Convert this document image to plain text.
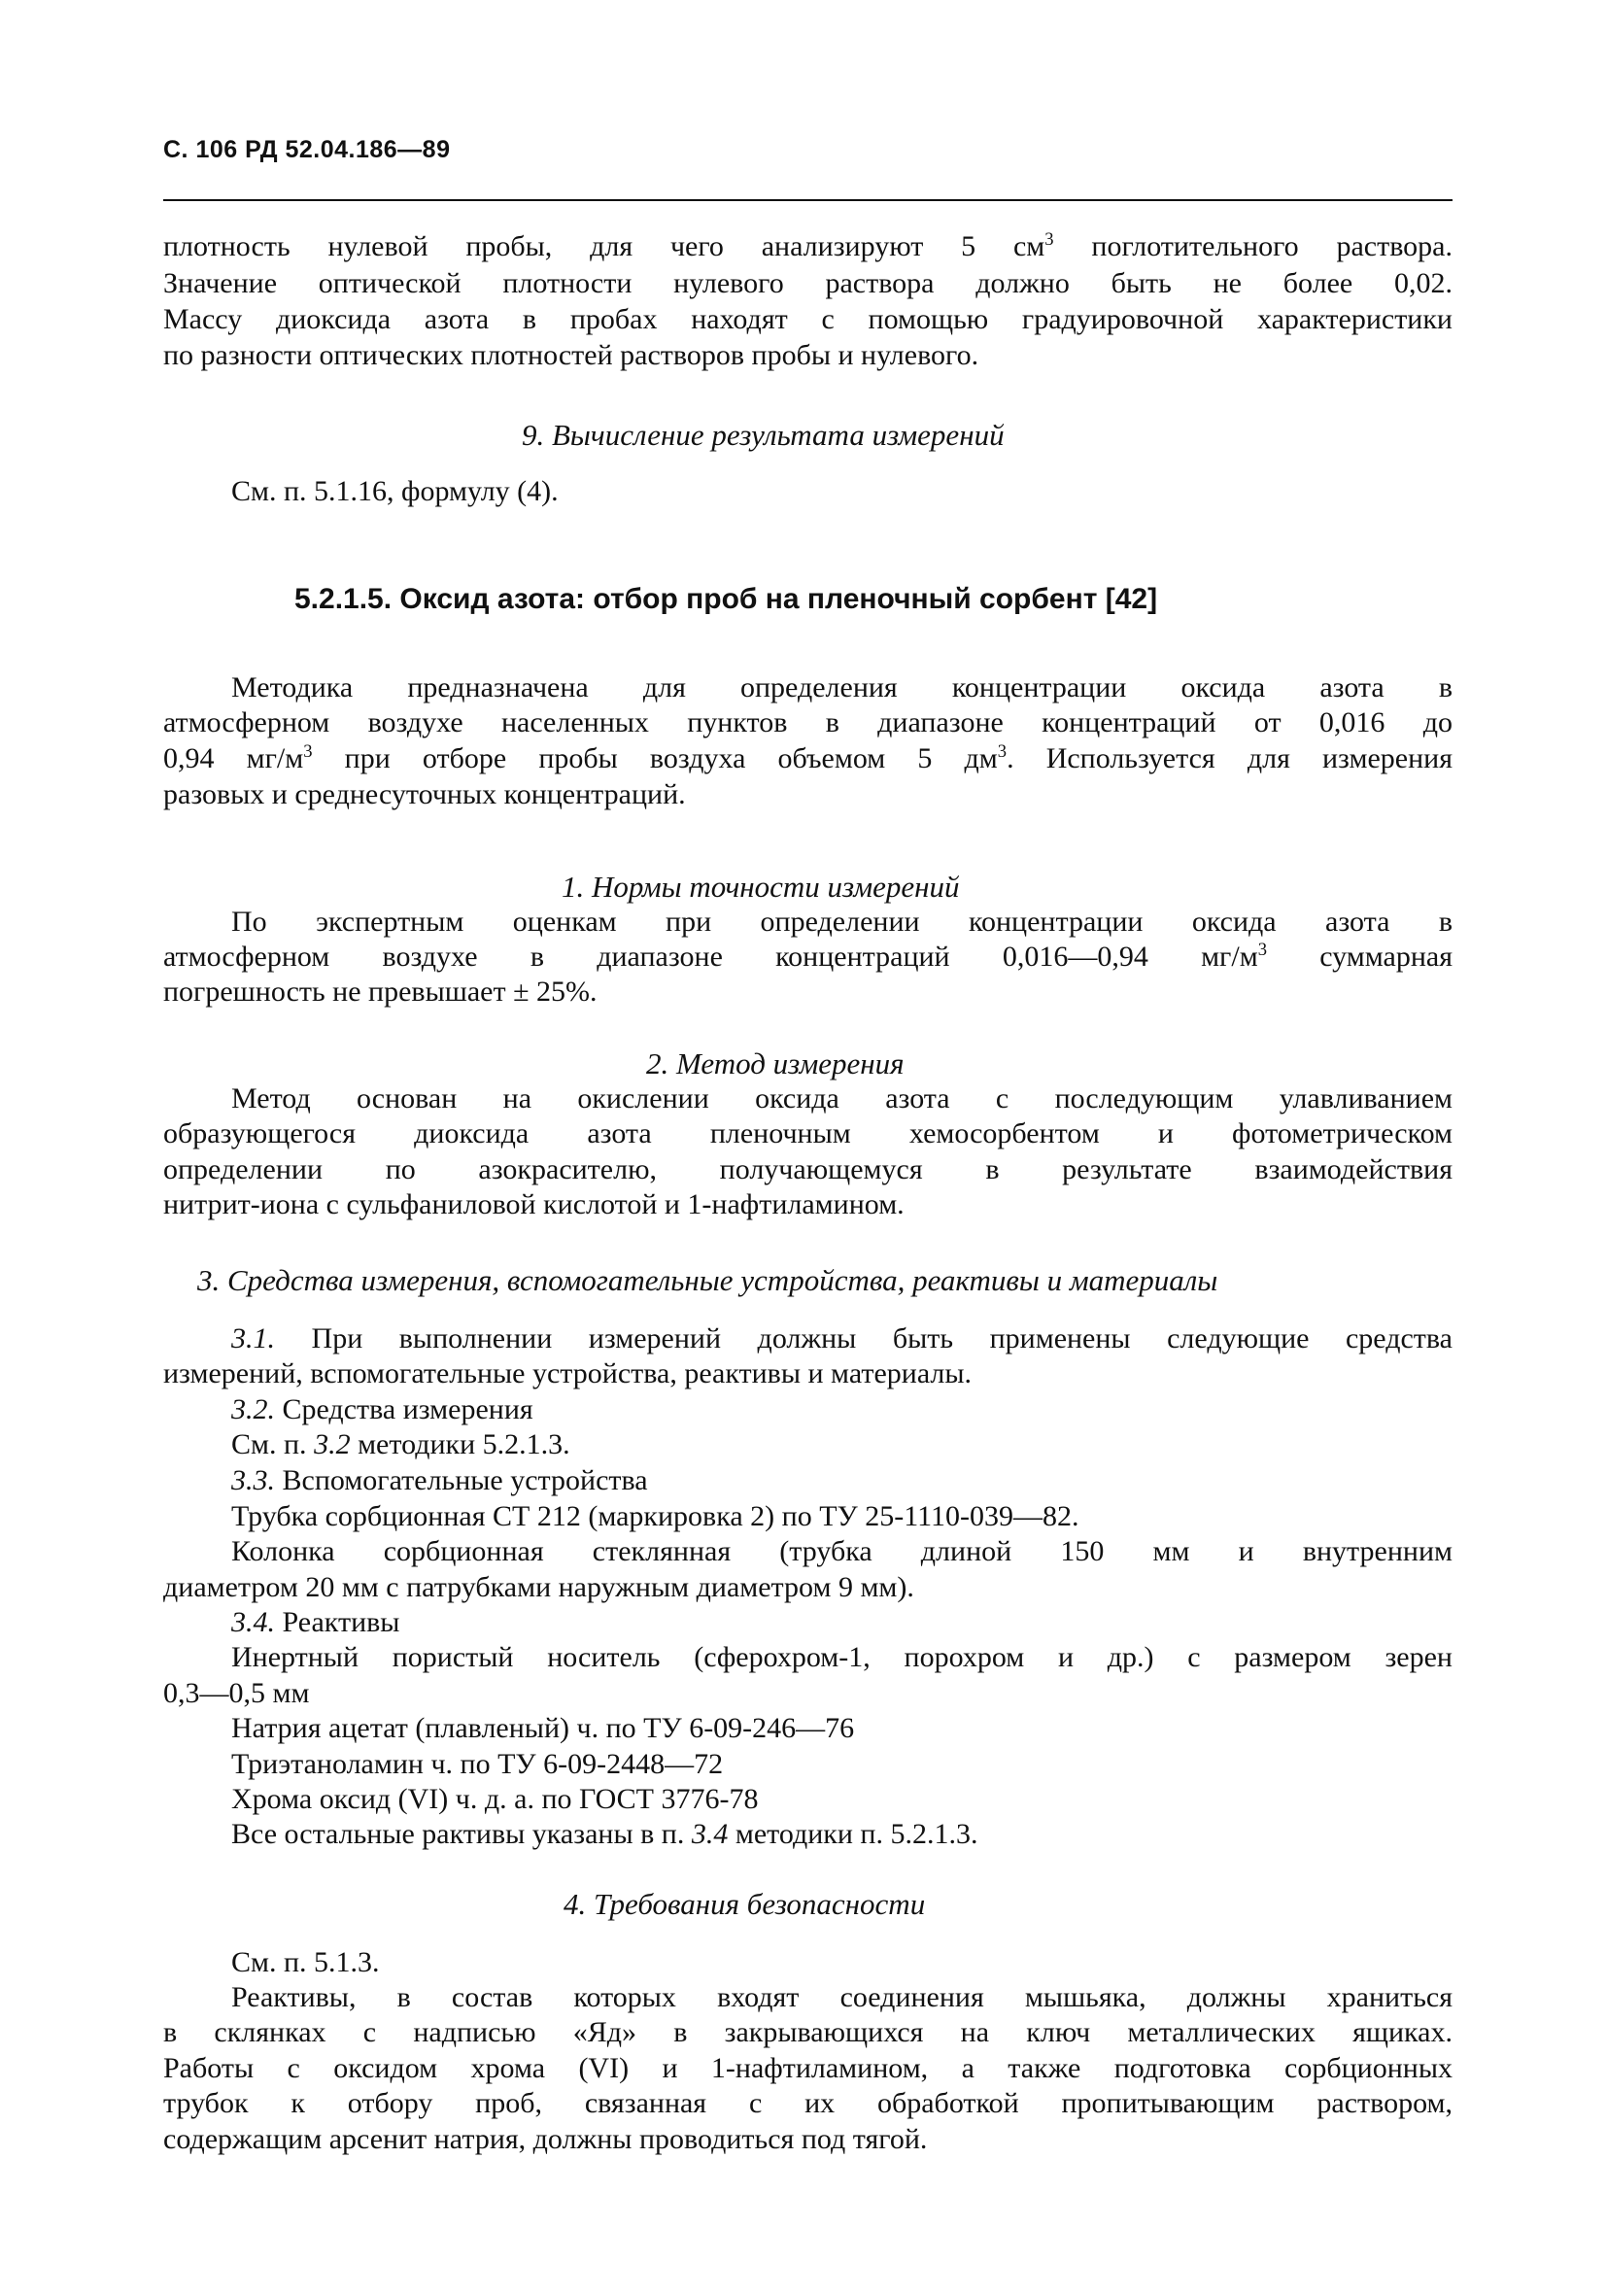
С. 106 РД 52.04.186—89
плотность нулевой пробы, для чего анализируют 5 $см^3$ поглотительного раствора.
Значение оптической плотности нулевого раствора должно быть не более 0,02.
Массу диоксида азота в пробах находят с помощью градуировочной характеристики
по разности оптических плотностей растворов пробы и нулевого.
9. Вычисление результата измерений
См. п. 5.1.16, формулу (4).
5.2.1.5. Оксид азота: отбор проб на пленочный сорбент [42]
Методика предназначена для определения концентрации оксида азота в
атмосферном воздухе населенных пунктов в диапазоне концентраций от 0,016 до
0,94 $мг/м^3$ при отборе пробы воздуха объемом 5 $дм^3$. Используется для измерения
разовых и среднесуточных концентраций.
1. Нормы точности измерений
По экспертным оценкам при определении концентрации оксида азота в
атмосферном воздухе в диапазоне концентраций 0,016—0,94 $мг/м^3$ суммарная
погрешность не превышает ± 25%.
2. Метод измерения
Метод основан на окислении оксида азота с последующим улавливанием
образующегося диоксида азота пленочным хемосорбентом и фотометрическом
определении по азокрасителю, получающемуся в результате взаимодействия
нитрит-иона с сульфаниловой кислотой и 1-нафтиламином.
3. Средства измерения, вспомогательные устройства, реактивы и материалы
3.1. При выполнении измерений должны быть применены следующие средства
измерений, вспомогательные устройства, реактивы и материалы.
3.2. Средства измерения
См. п. 3.2 методики 5.2.1.3.
3.3. Вспомогательные устройства
Трубка сорбционная СТ 212 (маркировка 2) по ТУ 25-1110-039—82.
Колонка сорбционная стеклянная (трубка длиной 150 мм и внутренним
диаметром 20 мм с патрубками наружным диаметром 9 мм).
3.4. Реактивы
Инертный пористый носитель (сферохром-1, порохром и др.) с размером зерен
0,3—0,5 мм
Натрия ацетат (плавленый) ч. по ТУ 6-09-246—76
Триэтаноламин ч. по ТУ 6-09-2448—72
Хрома оксид (VI) ч. д. а. по ГОСТ 3776-78
Все остальные рактивы указаны в п. 3.4 методики п. 5.2.1.3.
4. Требования безопасности
См. п. 5.1.3.
Реактивы, в состав которых входят соединения мышьяка, должны храниться
в склянках с надписью «Яд» в закрывающихся на ключ металлических ящиках.
Работы с оксидом хрома (VI) и 1-нафтиламином, а также подготовка сорбционных
трубок к отбору проб, связанная с их обработкой пропитывающим раствором,
содержащим арсенит натрия, должны проводиться под тягой.
